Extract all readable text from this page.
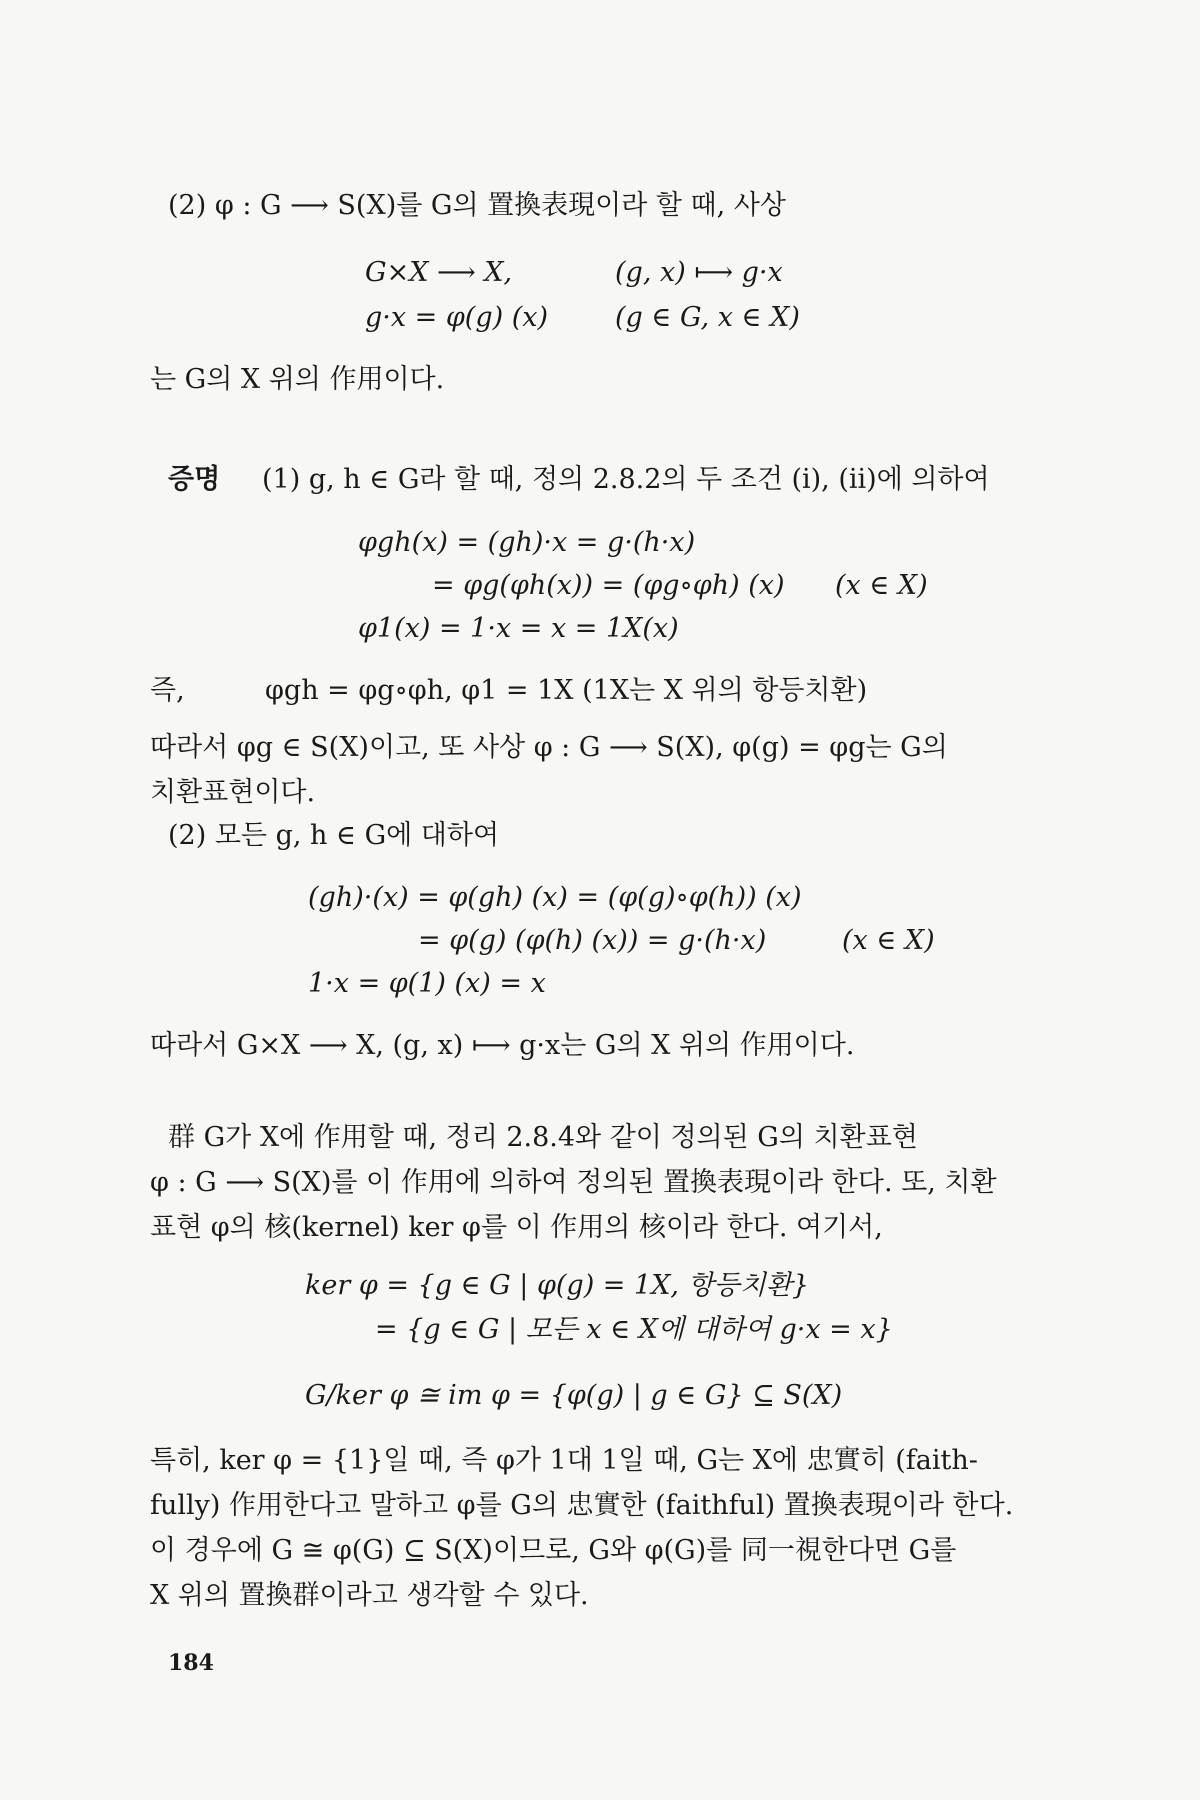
(2) φ : G ⟶ S(X)를 G의 置換表現이라 할 때, 사상
G×X ⟶ X,	(g, x) ⟼ g·x
g·x = φ(g) (x) (g ∈ G, x ∈ X)
는 G의 X 위의 作用이다.
증명 (1) g, h ∈ G라 할 때, 정의 2.8.2의 두 조건 (i), (ii)에 의하여
φgh(x) = (gh)·x = g·(h·x)
= φg(φh(x)) = (φg∘φh) (x) (x ∈ X)
φ1(x) = 1·x = x = 1X(x)
즉,	φgh = φg∘φh, φ1 = 1X (1X는 X 위의 항등치환)
따라서 φg ∈ S(X)이고, 또 사상 φ : G ⟶ S(X), φ(g) = φg는 G의
치환표현이다.
(2) 모든 g, h ∈ G에 대하여
(gh)·(x) = φ(gh) (x) = (φ(g)∘φ(h)) (x)
= φ(g) (φ(h) (x)) = g·(h·x)	(x ∈ X)
1·x = φ(1) (x) = x
따라서 G×X ⟶ X, (g, x) ⟼ g·x는 G의 X 위의 作用이다.
群 G가 X에 作用할 때, 정리 2.8.4와 같이 정의된 G의 치환표현
φ : G ⟶ S(X)를 이 作用에 의하여 정의된 置換表現이라 한다. 또, 치환
표현 φ의 核(kernel) ker φ를 이 作用의 核이라 한다. 여기서,
ker φ = {g ∈ G | φ(g) = 1X, 항등치환}
= {g ∈ G | 모든 x ∈ X에 대하여 g·x = x}
G/ker φ ≅ im φ = {φ(g) | g ∈ G} ⊆ S(X)
특히, ker φ = {1}일 때, 즉 φ가 1대 1일 때, G는 X에 忠實히 (faith-
fully) 作用한다고 말하고 φ를 G의 忠實한 (faithful) 置換表現이라 한다.
이 경우에 G ≅ φ(G) ⊆ S(X)이므로, G와 φ(G)를 同一視한다면 G를
X 위의 置換群이라고 생각할 수 있다.
184
